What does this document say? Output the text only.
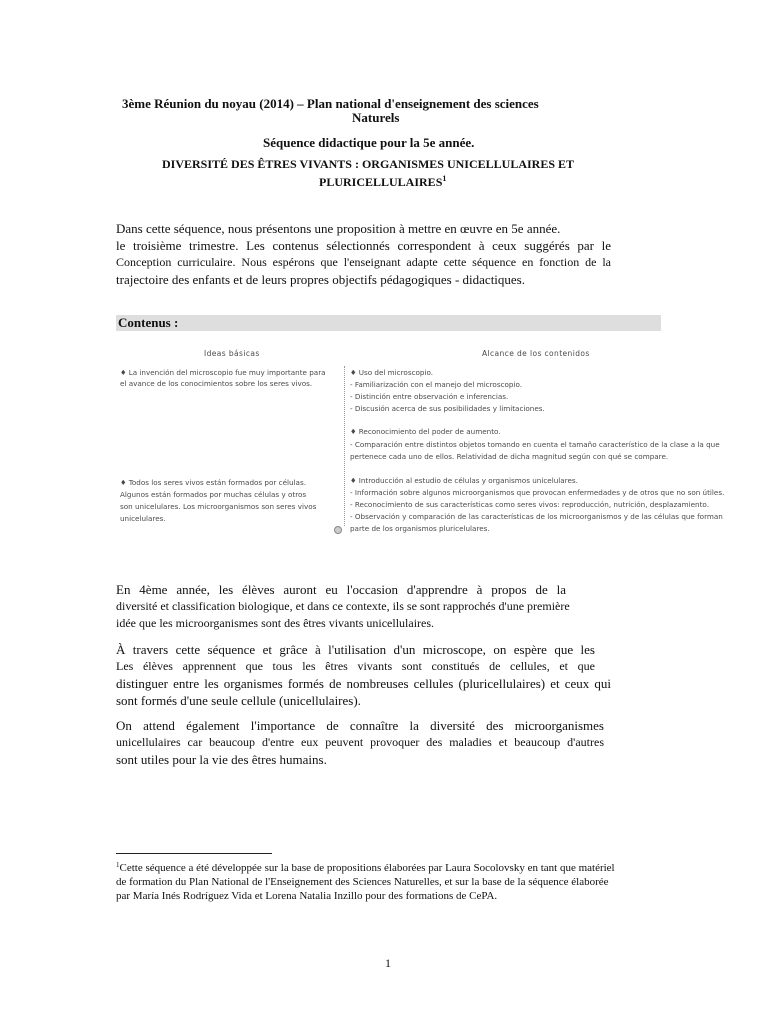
3ème Réunion du noyau (2014) – Plan national d'enseignement des sciences
Naturels
Séquence didactique pour la 5e année.
DIVERSITÉ DES ÊTRES VIVANTS : ORGANISMES UNICELLULAIRES ET
PLURICELLULAIRES$^1$
Dans cette séquence, nous présentons une proposition à mettre en œuvre en 5e année.
le troisième trimestre. Les contenus sélectionnés correspondent à ceux suggérés par le
Conception curriculaire. Nous espérons que l'enseignant adapte cette séquence en fonction de la
trajectoire des enfants et de leurs propres objectifs pédagogiques - didactiques.
Contenus :
Ideas básicas	Alcance de los contenidos
♦ La invención del microscopio fue muy importante para
el avance de los conocimientos sobre los seres vivos.
♦ Todos los seres vivos están formados por células.
Algunos están formados por muchas células y otros
son unicelulares. Los microorganismos son seres vivos
unicelulares.
♦ Uso del microscopio.
- Familiarización con el manejo del microscopio.
- Distinción entre observación e inferencias.
- Discusión acerca de sus posibilidades y limitaciones.
♦ Reconocimiento del poder de aumento.
- Comparación entre distintos objetos tomando en cuenta el tamaño característico de la clase a la que
pertenece cada uno de ellos. Relatividad de dicha magnitud según con qué se compare.
♦ Introducción al estudio de células y organismos unicelulares.
- Información sobre algunos microorganismos que provocan enfermedades y de otros que no son útiles.
- Reconocimiento de sus características como seres vivos: reproducción, nutrición, desplazamiento.
- Observación y comparación de las características de los microorganismos y de las células que forman
parte de los organismos pluricelulares.
En 4ème année, les élèves auront eu l'occasion d'apprendre à propos de la
diversité et classification biologique, et dans ce contexte, ils se sont rapprochés d'une première
idée que les microorganismes sont des êtres vivants unicellulaires.
À travers cette séquence et grâce à l'utilisation d'un microscope, on espère que les
Les élèves apprennent que tous les êtres vivants sont constitués de cellules, et que
distinguer entre les organismes formés de nombreuses cellules (pluricellulaires) et ceux qui
sont formés d'une seule cellule (unicellulaires).
On attend également l'importance de connaître la diversité des microorganismes
unicellulaires car beaucoup d'entre eux peuvent provoquer des maladies et beaucoup d'autres
sont utiles pour la vie des êtres humains.
$^1$Cette séquence a été développée sur la base de propositions élaborées par Laura Socolovsky en tant que matériel
de formation du Plan National de l'Enseignement des Sciences Naturelles, et sur la base de la séquence élaborée
par María Inés Rodríguez Vida et Lorena Natalia Inzillo pour des formations de CePA.
1
